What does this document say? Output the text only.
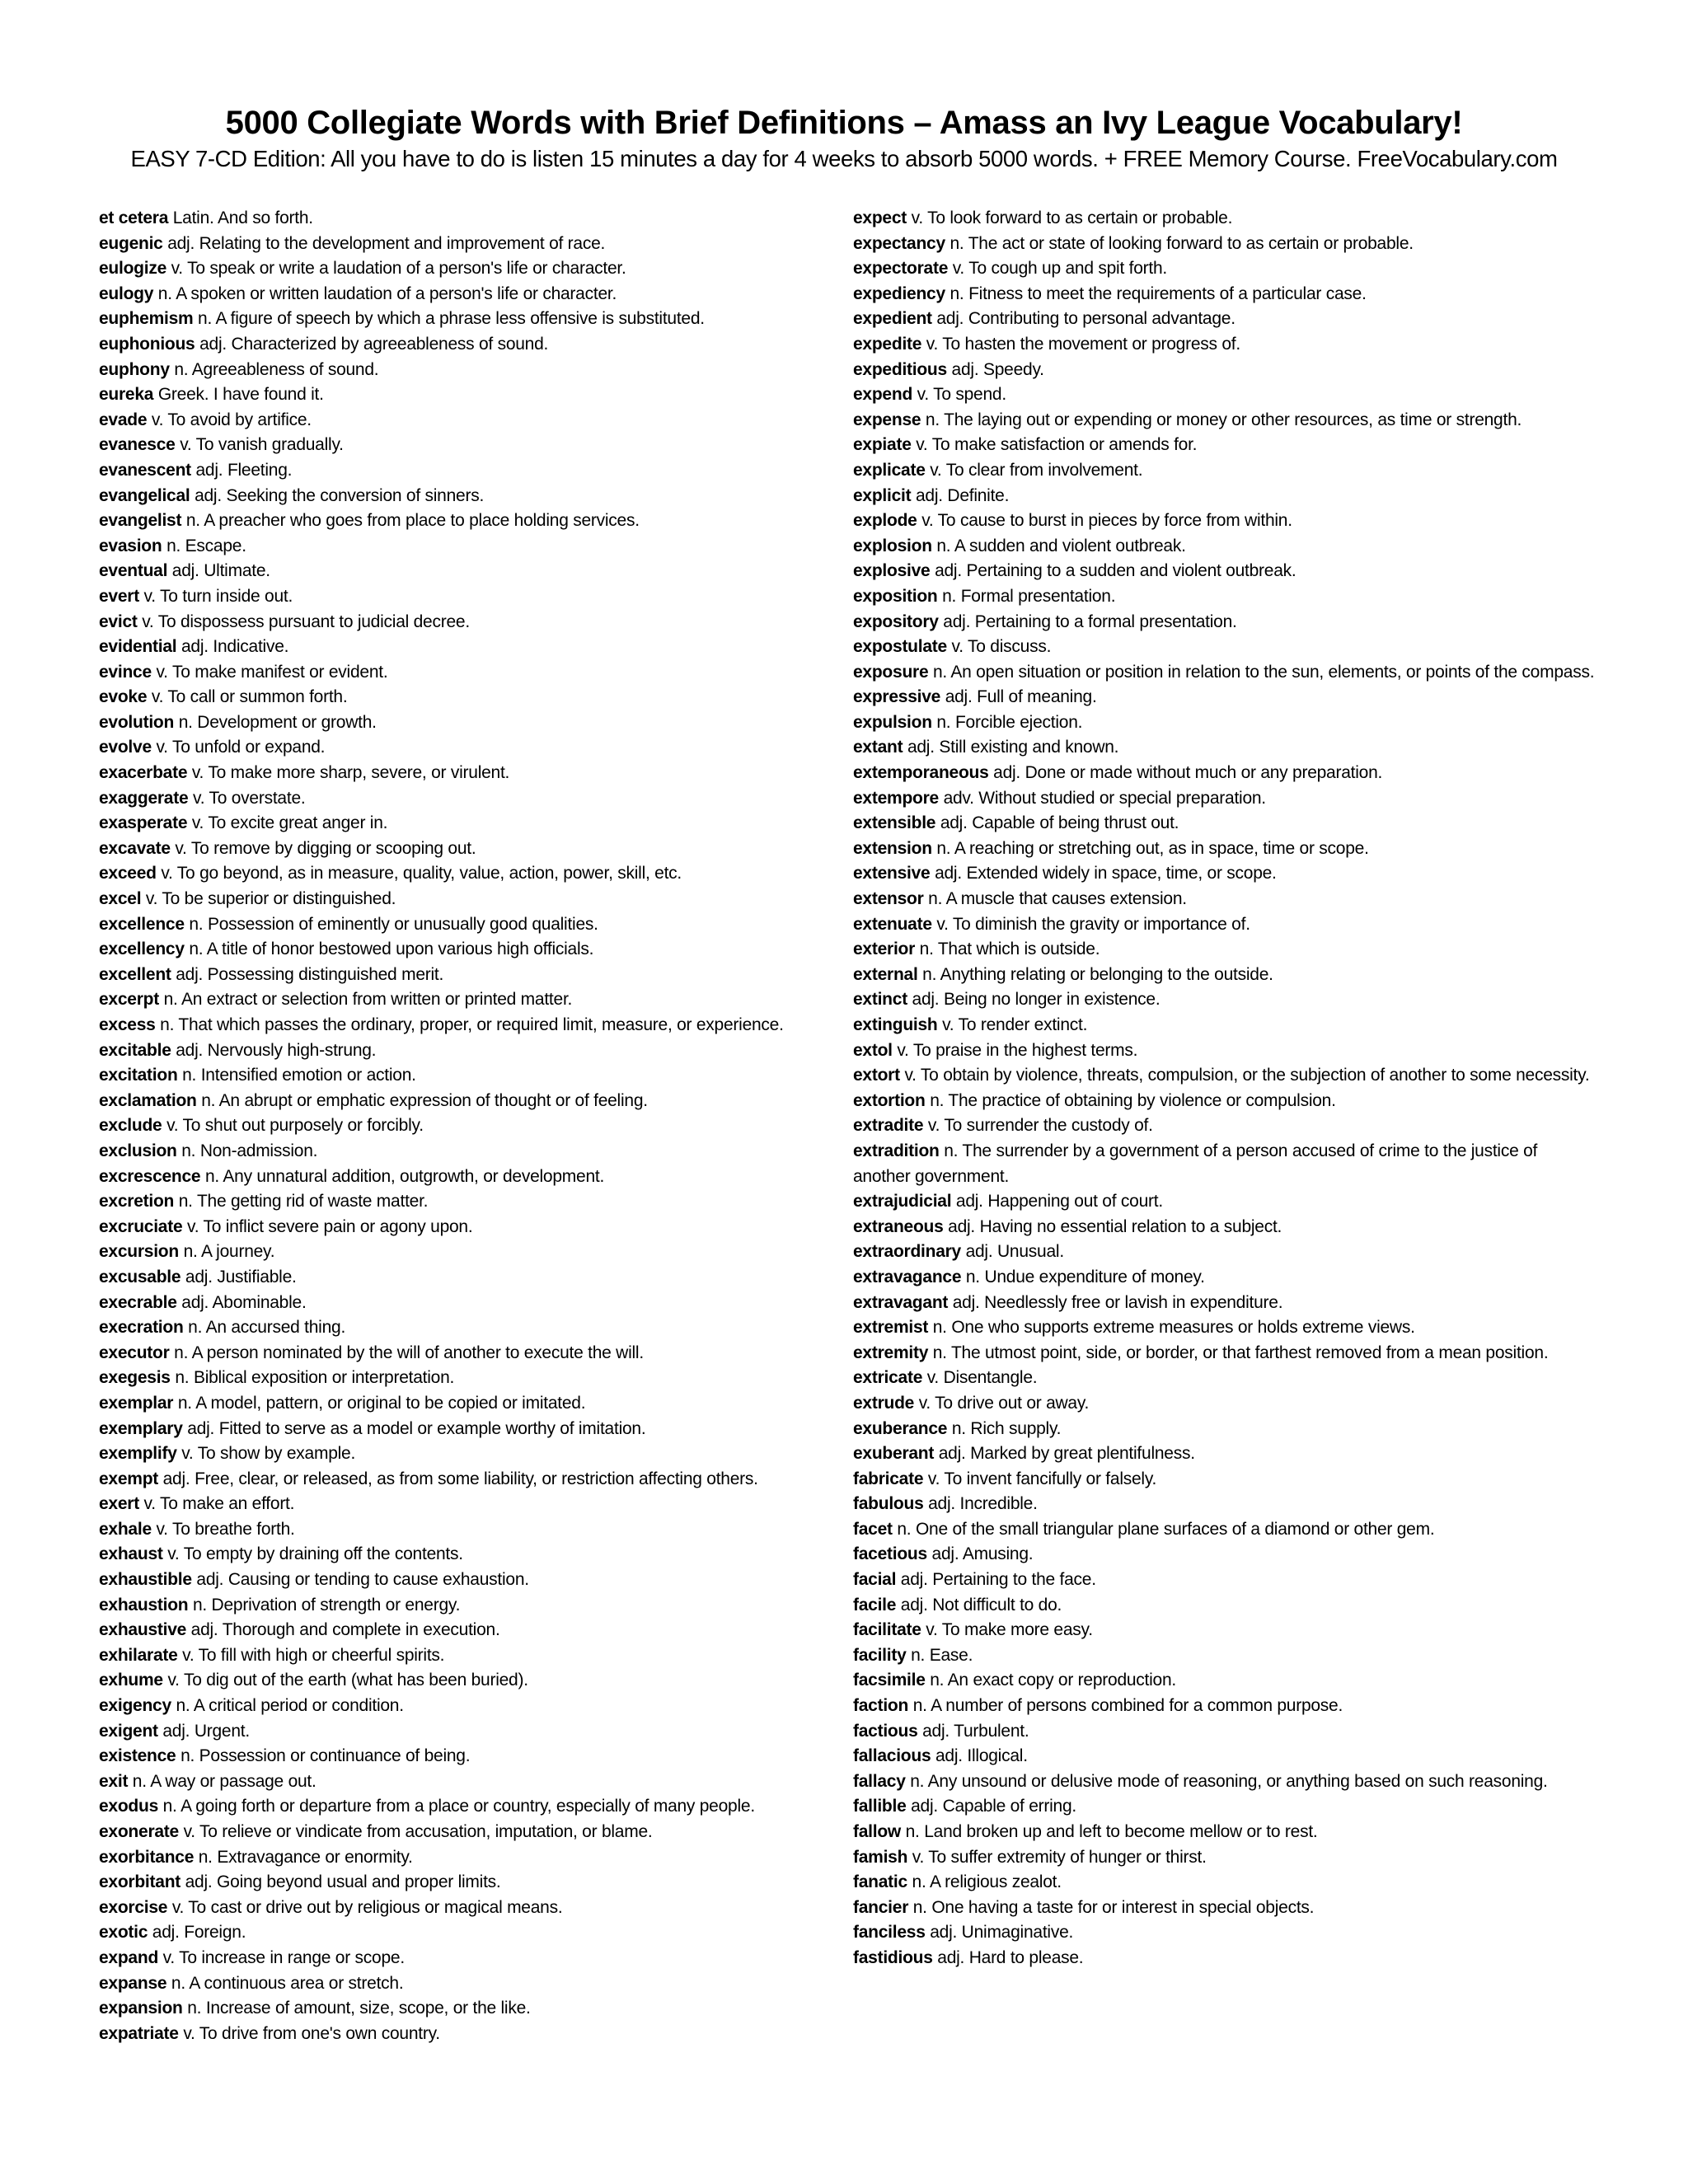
5000 Collegiate Words with Brief Definitions – Amass an Ivy League Vocabulary!
EASY 7-CD Edition: All you have to do is listen 15 minutes a day for 4 weeks to absorb 5000 words. + FREE Memory Course. FreeVocabulary.com
et cetera Latin. And so forth.
eugenic adj. Relating to the development and improvement of race.
eulogize v. To speak or write a laudation of a person's life or character.
eulogy n. A spoken or written laudation of a person's life or character.
euphemism n. A figure of speech by which a phrase less offensive is substituted.
euphonious adj. Characterized by agreeableness of sound.
euphony n. Agreeableness of sound.
eureka Greek. I have found it.
evade v. To avoid by artifice.
evanesce v. To vanish gradually.
evanescent adj. Fleeting.
evangelical adj. Seeking the conversion of sinners.
evangelist n. A preacher who goes from place to place holding services.
evasion n. Escape.
eventual adj. Ultimate.
evert v. To turn inside out.
evict v. To dispossess pursuant to judicial decree.
evidential adj. Indicative.
evince v. To make manifest or evident.
evoke v. To call or summon forth.
evolution n. Development or growth.
evolve v. To unfold or expand.
exacerbate v. To make more sharp, severe, or virulent.
exaggerate v. To overstate.
exasperate v. To excite great anger in.
excavate v. To remove by digging or scooping out.
exceed v. To go beyond, as in measure, quality, value, action, power, skill, etc.
excel v. To be superior or distinguished.
excellence n. Possession of eminently or unusually good qualities.
excellency n. A title of honor bestowed upon various high officials.
excellent adj. Possessing distinguished merit.
excerpt n. An extract or selection from written or printed matter.
excess n. That which passes the ordinary, proper, or required limit, measure, or experience.
excitable adj. Nervously high-strung.
excitation n. Intensified emotion or action.
exclamation n. An abrupt or emphatic expression of thought or of feeling.
exclude v. To shut out purposely or forcibly.
exclusion n. Non-admission.
excrescence n. Any unnatural addition, outgrowth, or development.
excretion n. The getting rid of waste matter.
excruciate v. To inflict severe pain or agony upon.
excursion n. A journey.
excusable adj. Justifiable.
execrable adj. Abominable.
execration n. An accursed thing.
executor n. A person nominated by the will of another to execute the will.
exegesis n. Biblical exposition or interpretation.
exemplar n. A model, pattern, or original to be copied or imitated.
exemplary adj. Fitted to serve as a model or example worthy of imitation.
exemplify v. To show by example.
exempt adj. Free, clear, or released, as from some liability, or restriction affecting others.
exert v. To make an effort.
exhale v. To breathe forth.
exhaust v. To empty by draining off the contents.
exhaustible adj. Causing or tending to cause exhaustion.
exhaustion n. Deprivation of strength or energy.
exhaustive adj. Thorough and complete in execution.
exhilarate v. To fill with high or cheerful spirits.
exhume v. To dig out of the earth (what has been buried).
exigency n. A critical period or condition.
exigent adj. Urgent.
existence n. Possession or continuance of being.
exit n. A way or passage out.
exodus n. A going forth or departure from a place or country, especially of many people.
exonerate v. To relieve or vindicate from accusation, imputation, or blame.
exorbitance n. Extravagance or enormity.
exorbitant adj. Going beyond usual and proper limits.
exorcise v. To cast or drive out by religious or magical means.
exotic adj. Foreign.
expand v. To increase in range or scope.
expanse n. A continuous area or stretch.
expansion n. Increase of amount, size, scope, or the like.
expatriate v. To drive from one's own country.
expect v. To look forward to as certain or probable.
expectancy n. The act or state of looking forward to as certain or probable.
expectorate v. To cough up and spit forth.
expediency n. Fitness to meet the requirements of a particular case.
expedient adj. Contributing to personal advantage.
expedite v. To hasten the movement or progress of.
expeditious adj. Speedy.
expend v. To spend.
expense n. The laying out or expending or money or other resources, as time or strength.
expiate v. To make satisfaction or amends for.
explicate v. To clear from involvement.
explicit adj. Definite.
explode v. To cause to burst in pieces by force from within.
explosion n. A sudden and violent outbreak.
explosive adj. Pertaining to a sudden and violent outbreak.
exposition n. Formal presentation.
expository adj. Pertaining to a formal presentation.
expostulate v. To discuss.
exposure n. An open situation or position in relation to the sun, elements, or points of the compass.
expressive adj. Full of meaning.
expulsion n. Forcible ejection.
extant adj. Still existing and known.
extemporaneous adj. Done or made without much or any preparation.
extempore adv. Without studied or special preparation.
extensible adj. Capable of being thrust out.
extension n. A reaching or stretching out, as in space, time or scope.
extensive adj. Extended widely in space, time, or scope.
extensor n. A muscle that causes extension.
extenuate v. To diminish the gravity or importance of.
exterior n. That which is outside.
external n. Anything relating or belonging to the outside.
extinct adj. Being no longer in existence.
extinguish v. To render extinct.
extol v. To praise in the highest terms.
extort v. To obtain by violence, threats, compulsion, or the subjection of another to some necessity.
extortion n. The practice of obtaining by violence or compulsion.
extradite v. To surrender the custody of.
extradition n. The surrender by a government of a person accused of crime to the justice of another government.
extrajudicial adj. Happening out of court.
extraneous adj. Having no essential relation to a subject.
extraordinary adj. Unusual.
extravagance n. Undue expenditure of money.
extravagant adj. Needlessly free or lavish in expenditure.
extremist n. One who supports extreme measures or holds extreme views.
extremity n. The utmost point, side, or border, or that farthest removed from a mean position.
extricate v. Disentangle.
extrude v. To drive out or away.
exuberance n. Rich supply.
exuberant adj. Marked by great plentifulness.
fabricate v. To invent fancifully or falsely.
fabulous adj. Incredible.
facet n. One of the small triangular plane surfaces of a diamond or other gem.
facetious adj. Amusing.
facial adj. Pertaining to the face.
facile adj. Not difficult to do.
facilitate v. To make more easy.
facility n. Ease.
facsimile n. An exact copy or reproduction.
faction n. A number of persons combined for a common purpose.
factious adj. Turbulent.
fallacious adj. Illogical.
fallacy n. Any unsound or delusive mode of reasoning, or anything based on such reasoning.
fallible adj. Capable of erring.
fallow n. Land broken up and left to become mellow or to rest.
famish v. To suffer extremity of hunger or thirst.
fanatic n. A religious zealot.
fancier n. One having a taste for or interest in special objects.
fanciless adj. Unimaginative.
fastidious adj. Hard to please.
